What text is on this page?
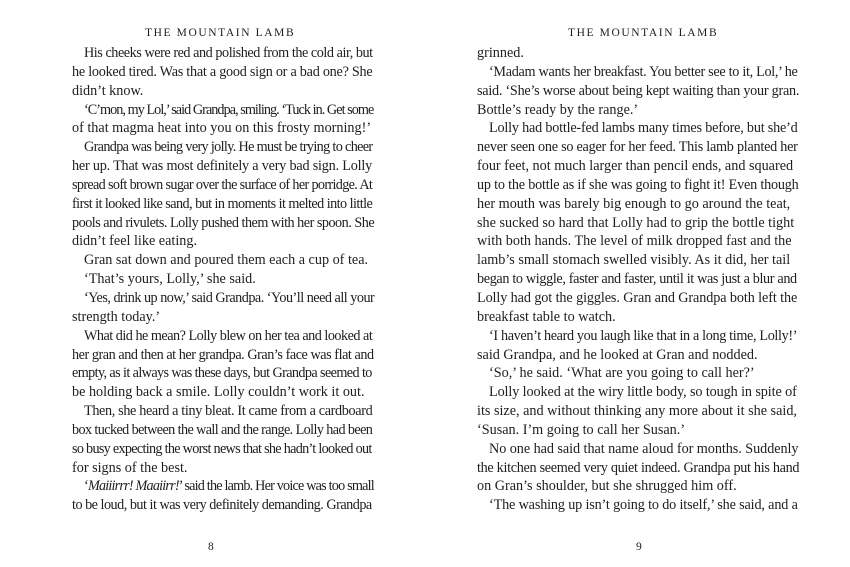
THE MOUNTAIN LAMB
His cheeks were red and polished from the cold air, but
he looked tired. Was that a good sign or a bad one? She
didn’t know.
‘C’mon, my Lol,’ said Grandpa, smiling. ‘Tuck in. Get some
of that magma heat into you on this frosty morning!’
Grandpa was being very jolly. He must be trying to cheer
her up. That was most definitely a very bad sign. Lolly
spread soft brown sugar over the surface of her porridge. At
first it looked like sand, but in moments it melted into little
pools and rivulets. Lolly pushed them with her spoon. She
didn’t feel like eating.
Gran sat down and poured them each a cup of tea.
‘That’s yours, Lolly,’ she said.
‘Yes, drink up now,’ said Grandpa. ‘You’ll need all your
strength today.’
What did he mean? Lolly blew on her tea and looked at
her gran and then at her grandpa. Gran’s face was flat and
empty, as it always was these days, but Grandpa seemed to
be holding back a smile. Lolly couldn’t work it out.
Then, she heard a tiny bleat. It came from a cardboard
box tucked between the wall and the range. Lolly had been
so busy expecting the worst news that she hadn’t looked out
for signs of the best.
‘Maiiirrr! Maaiirr!’ said the lamb. Her voice was too small
to be loud, but it was very definitely demanding. Grandpa
8
THE MOUNTAIN LAMB
grinned.
‘Madam wants her breakfast. You better see to it, Lol,’ he
said. ‘She’s worse about being kept waiting than your gran.
Bottle’s ready by the range.’
Lolly had bottle-fed lambs many times before, but she’d
never seen one so eager for her feed. This lamb planted her
four feet, not much larger than pencil ends, and squared
up to the bottle as if she was going to fight it! Even though
her mouth was barely big enough to go around the teat,
she sucked so hard that Lolly had to grip the bottle tight
with both hands. The level of milk dropped fast and the
lamb’s small stomach swelled visibly. As it did, her tail
began to wiggle, faster and faster, until it was just a blur and
Lolly had got the giggles. Gran and Grandpa both left the
breakfast table to watch.
‘I haven’t heard you laugh like that in a long time, Lolly!’
said Grandpa, and he looked at Gran and nodded.
‘So,’ he said. ‘What are you going to call her?’
Lolly looked at the wiry little body, so tough in spite of
its size, and without thinking any more about it she said,
‘Susan. I’m going to call her Susan.’
No one had said that name aloud for months. Suddenly
the kitchen seemed very quiet indeed. Grandpa put his hand
on Gran’s shoulder, but she shrugged him off.
‘The washing up isn’t going to do itself,’ she said, and a
9
